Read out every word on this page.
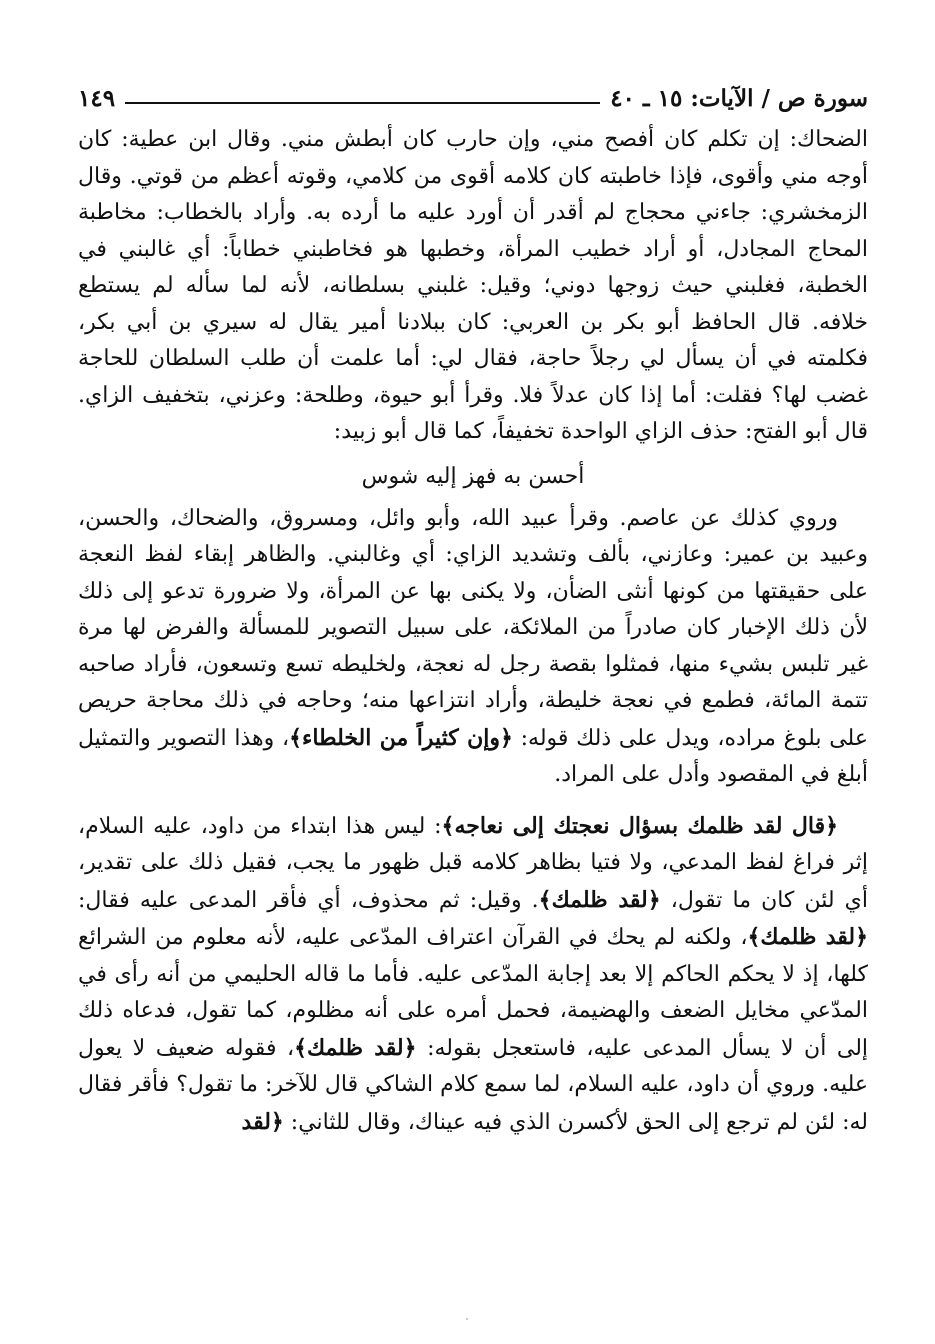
سورة ص / الآيات: ١٥ ـ ٤٠
١٤٩

الضحاك: إن تكلم كان أفصح مني، وإن حارب كان أبطش مني. وقال ابن عطية: كان أوجه مني وأقوى، فإذا خاطبته كان كلامه أقوى من كلامي، وقوته أعظم من قوتي. وقال الزمخشري: جاءني محجاج لم أقدر أن أورد عليه ما أرده به. وأراد بالخطاب: مخاطبة المحاج المجادل، أو أراد خطيب المرأة، وخطبها هو فخاطبني خطاباً: أي غالبني في الخطبة، فغلبني حيث زوجها دوني؛ وقيل: غلبني بسلطانه، لأنه لما سأله لم يستطع خلافه. قال الحافظ أبو بكر بن العربي: كان ببلادنا أمير يقال له سيري بن أبي بكر، فكلمته في أن يسأل لي رجلاً حاجة، فقال لي: أما علمت أن طلب السلطان للحاجة غضب لها؟ فقلت: أما إذا كان عدلاً فلا. وقرأ أبو حيوة، وطلحة: وعزني، بتخفيف الزاي. قال أبو الفتح: حذف الزاي الواحدة تخفيفاً، كما قال أبو زبيد:

أحسن به فهز إليه شوس

وروي كذلك عن عاصم. وقرأ عبيد الله، وأبو وائل، ومسروق، والضحاك، والحسن، وعبيد بن عمير: وعازني، بألف وتشديد الزاي: أي وغالبني. والظاهر إبقاء لفظ النعجة على حقيقتها من كونها أنثى الضأن، ولا يكنى بها عن المرأة، ولا ضرورة تدعو إلى ذلك لأن ذلك الإخبار كان صادراً من الملائكة، على سبيل التصوير للمسألة والفرض لها مرة غير تلبس بشيء منها، فمثلوا بقصة رجل له نعجة، ولخليطه تسع وتسعون، فأراد صاحبه تتمة المائة، فطمع في نعجة خليطة، وأراد انتزاعها منه؛ وحاجه في ذلك محاجة حريص على بلوغ مراده، ويدل على ذلك قوله: ﴿وإن كثيراً من الخلطاء﴾، وهذا التصوير والتمثيل أبلغ في المقصود وأدل على المراد.

﴿قال لقد ظلمك بسؤال نعجتك إلى نعاجه﴾: ليس هذا ابتداء من داود، عليه السلام، إثر فراغ لفظ المدعي، ولا فتيا بظاهر كلامه قبل ظهور ما يجب، فقيل ذلك على تقدير، أي لئن كان ما تقول، ﴿لقد ظلمك﴾. وقيل: ثم محذوف، أي فأقر المدعى عليه فقال: ﴿لقد ظلمك﴾، ولكنه لم يحك في القرآن اعتراف المدّعى عليه، لأنه معلوم من الشرائع كلها، إذ لا يحكم الحاكم إلا بعد إجابة المدّعى عليه. فأما ما قاله الحليمي من أنه رأى في المدّعي مخايل الضعف والهضيمة، فحمل أمره على أنه مظلوم، كما تقول، فدعاه ذلك إلى أن لا يسأل المدعى عليه، فاستعجل بقوله: ﴿لقد ظلمك﴾، فقوله ضعيف لا يعول عليه. وروي أن داود، عليه السلام، لما سمع كلام الشاكي قال للآخر: ما تقول؟ فأقر فقال له: لئن لم ترجع إلى الحق لأكسرن الذي فيه عيناك، وقال للثاني: ﴿لقد
